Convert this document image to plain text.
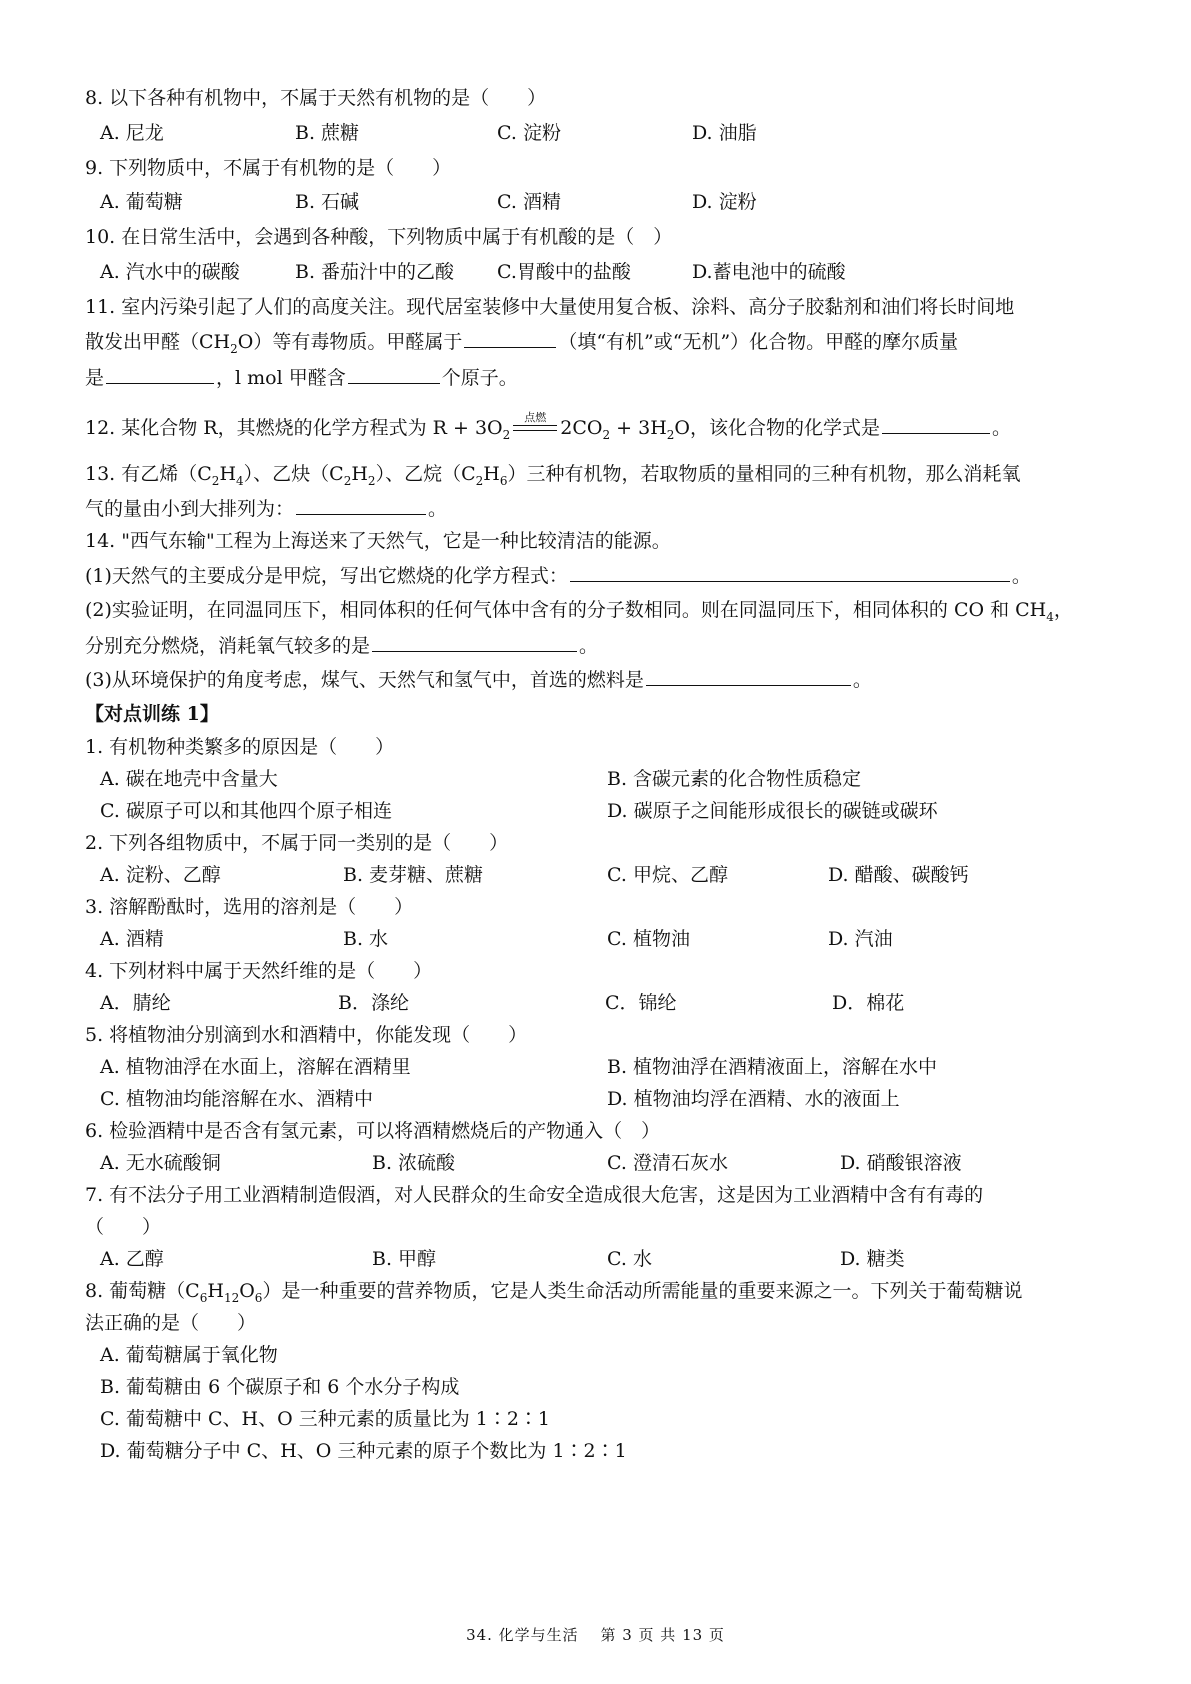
8. 以下各种有机物中，不属于天然有机物的是（　　）
A. 尼龙	B. 蔗糖	C. 淀粉	D. 油脂
9. 下列物质中，不属于有机物的是（　　）
A. 葡萄糖	B. 石碱	C. 酒精	D. 淀粉
10. 在日常生活中，会遇到各种酸，下列物质中属于有机酸的是（　）
A. 汽水中的碳酸	B. 番茄汁中的乙酸 C.胃酸中的盐酸	D.蓄电池中的硫酸
11. 室内污染引起了人们的高度关注。现代居室装修中大量使用复合板、涂料、高分子胶黏剂和油们将长时间地
散发出甲醛$(CH_2O)$等有毒物质。甲醛属于	（填“有机”或“无机”）化合物。甲醛的摩尔质量
是	，l mol 甲醛含	个原子。
12. 某化合物 R，其燃烧的化学方程式为 $R + 3O_2$
点燃 $2CO_2 + 3H_2O$，该化合物的化学式是	。
13. 有乙烯$(C_2H_4)$、乙炔$(C_2H_2)$、乙烷$(C_2H_6)$三种有机物，若取物质的量相同的三种有机物，那么消耗氧
气的量由小到大排列为：	。
14. "西气东输"工程为上海送来了天然气，它是一种比较清洁的能源。
(1)天然气的主要成分是甲烷，写出它燃烧的化学方程式：	。
(2)实验证明，在同温同压下，相同体积的任何气体中含有的分子数相同。则在同温同压下，相同体积的 CO 和 $CH_4$，
分别充分燃烧，消耗氧气较多的是	。
(3)从环境保护的角度考虑，煤气、天然气和氢气中，首选的燃料是	。
【对点训练 1】
1. 有机物种类繁多的原因是（　　）
A. 碳在地壳中含量大	B. 含碳元素的化合物性质稳定
C. 碳原子可以和其他四个原子相连	D. 碳原子之间能形成很长的碳链或碳环
2. 下列各组物质中，不属于同一类别的是（　　）
A. 淀粉、乙醇	B. 麦芽糖、蔗糖	C. 甲烷、乙醇	D. 醋酸、碳酸钙
3. 溶解酚酞时，选用的溶剂是（　　）
A. 酒精	B. 水	C. 植物油	D. 汽油
4. 下列材料中属于天然纤维的是（　　）
A．腈纶	B．涤纶	C．锦纶	D．棉花
5. 将植物油分别滴到水和酒精中，你能发现（　　）
A. 植物油浮在水面上，溶解在酒精里	B. 植物油浮在酒精液面上，溶解在水中
C. 植物油均能溶解在水、酒精中	D. 植物油均浮在酒精、水的液面上
6. 检验酒精中是否含有氢元素，可以将酒精燃烧后的产物通入（　）
A. 无水硫酸铜	B. 浓硫酸	C. 澄清石灰水	D. 硝酸银溶液
7. 有不法分子用工业酒精制造假酒，对人民群众的生命安全造成很大危害，这是因为工业酒精中含有有毒的
（　　）
A. 乙醇	B. 甲醇	C. 水	D. 糖类
8. 葡萄糖$(C_6H_{12}O_6)$是一种重要的营养物质，它是人类生命活动所需能量的重要来源之一。下列关于葡萄糖说
法正确的是（　　）
A. 葡萄糖属于氧化物
B. 葡萄糖由 6 个碳原子和 6 个水分子构成
C. 葡萄糖中 C、H、O 三种元素的质量比为 1∶2∶1
D. 葡萄糖分子中 C、H、O 三种元素的原子个数比为 1∶2∶1
34. 化学与生活　 第 3 页 共 13 页
